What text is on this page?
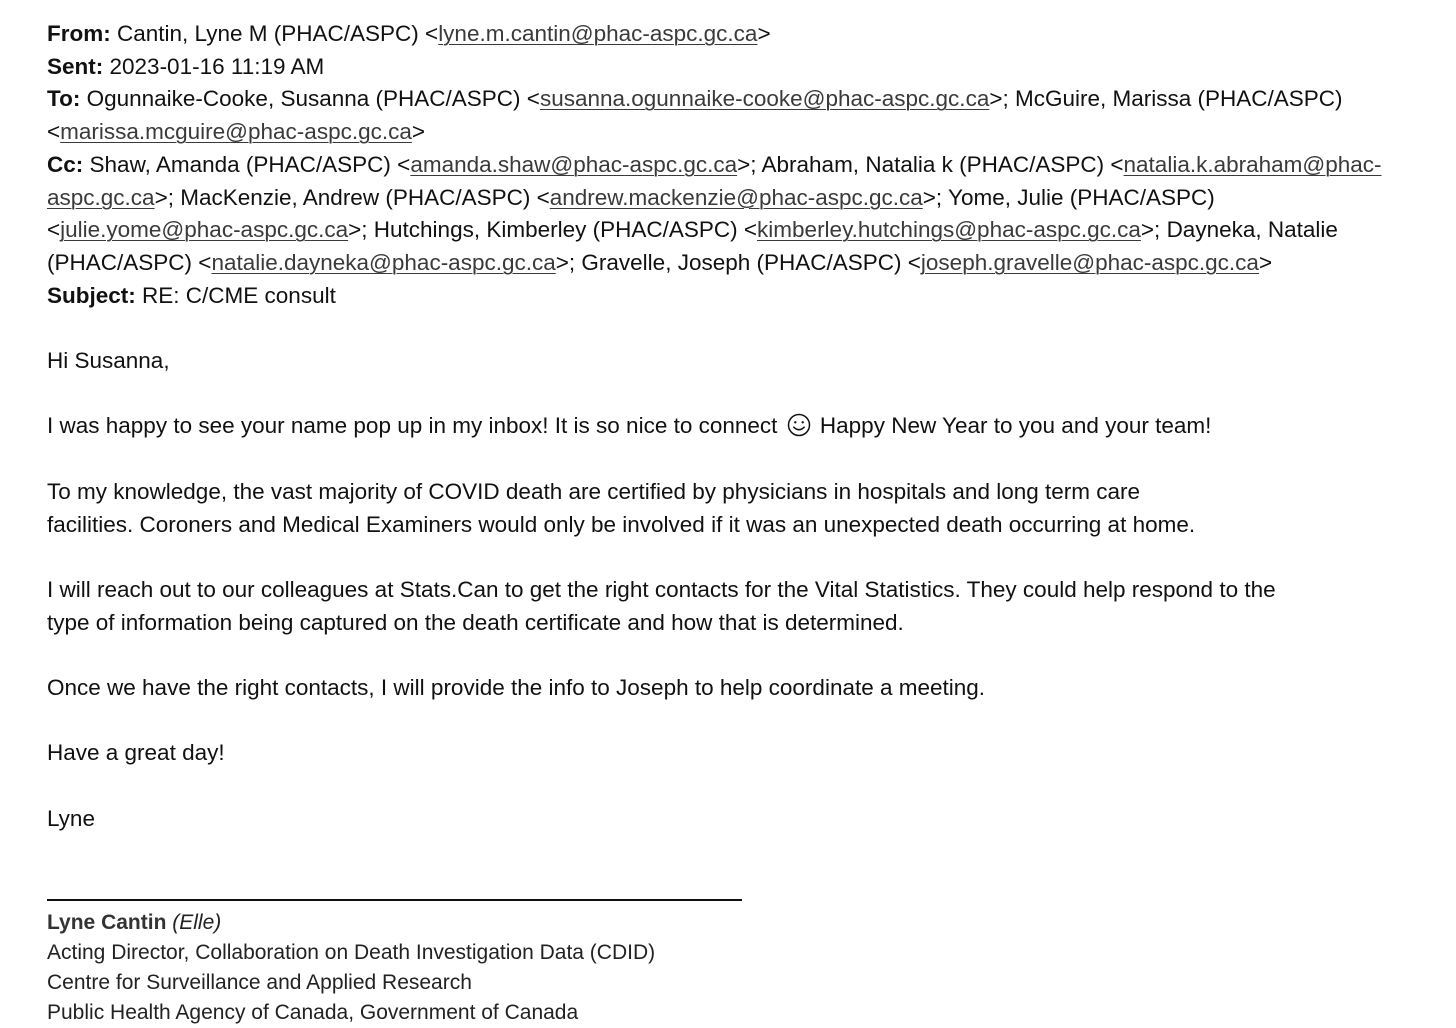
From: Cantin, Lyne M (PHAC/ASPC) <lyne.m.cantin@phac-aspc.gc.ca>

Sent: 2023-01-16 11:19 AM

To: Ogunnaike-Cooke, Susanna (PHAC/ASPC) <susanna.ogunnaike-cooke@phac-aspc.gc.ca>; McGuire, Marissa (PHAC/ASPC)
<marissa.mcguire@phac-aspc.gc.ca>

Cc: Shaw, Amanda (PHAC/ASPC) <amanda.shaw@phac-aspc.gc.ca>; Abraham, Natalia k (PHAC/ASPC) <natalia.k.abraham@phac-
aspc.gc.ca>; MacKenzie, Andrew (PHAC/ASPC) <andrew.mackenzie@phac-aspc.gc.ca>; Yome, Julie (PHAC/ASPC)
<julie.yome@phac-aspc.gc.ca>; Hutchings, Kimberley (PHAC/ASPC) <kimberley.hutchings@phac-aspc.gc.ca>; Dayneka, Natalie
(PHAC/ASPC) <natalie.dayneka@phac-aspc.gc.ca>; Gravelle, Joseph (PHAC/ASPC) <joseph.gravelle@phac-aspc.gc.ca>

Subject: RE: C/CME consult

Hi Susanna,

I was happy to see your name pop up in my inbox! It is so nice to connect  Happy New Year to you and your team!

To my knowledge, the vast majority of COVID death are certified by physicians in hospitals and long term care
facilities. Coroners and Medical Examiners would only be involved if it was an unexpected death occurring at home.

I will reach out to our colleagues at Stats.Can to get the right contacts for the Vital Statistics. They could help respond to the
type of information being captured on the death certificate and how that is determined.

Once we have the right contacts, I will provide the info to Joseph to help coordinate a meeting.

Have a great day!

Lyne

Lyne Cantin (Elle)
Acting Director, Collaboration on Death Investigation Data (CDID)
Centre for Surveillance and Applied Research
Public Health Agency of Canada, Government of Canada
